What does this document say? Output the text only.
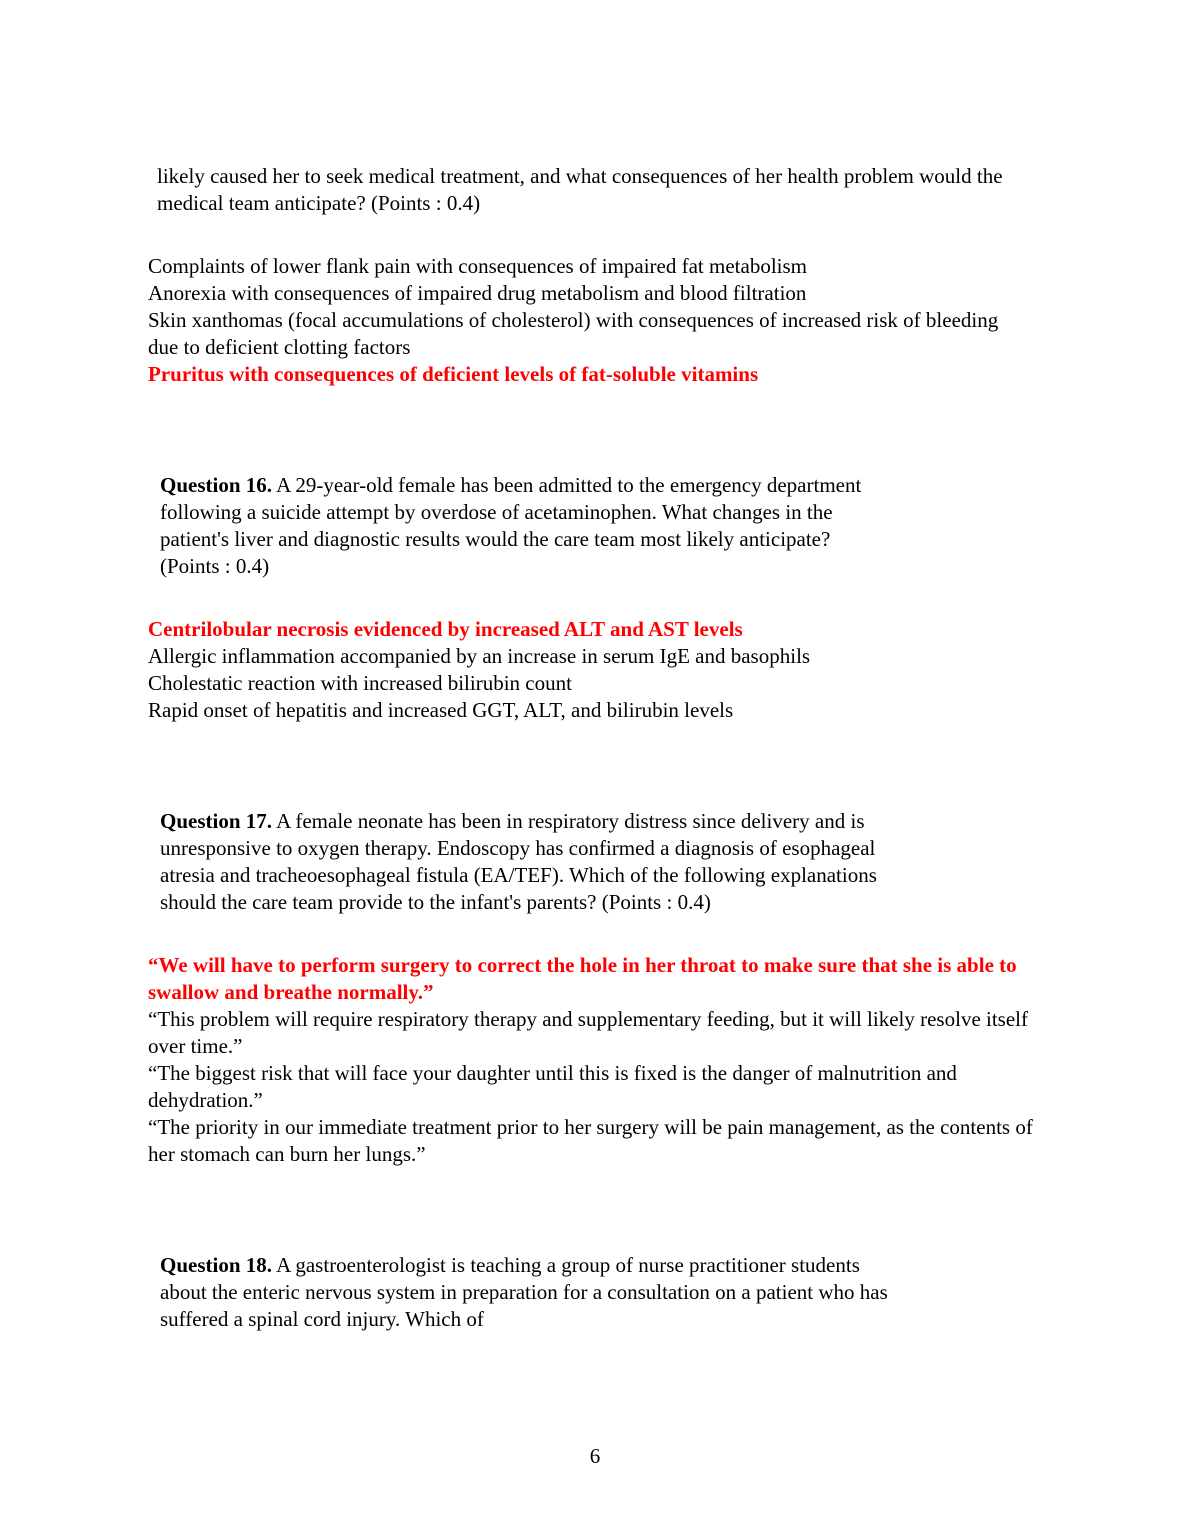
likely caused her to seek medical treatment, and what consequences of her health problem would the medical team anticipate? (Points : 0.4)

Complaints of lower flank pain with consequences of impaired fat metabolism
Anorexia with consequences of impaired drug metabolism and blood filtration
Skin xanthomas (focal accumulations of cholesterol) with consequences of increased risk of bleeding due to deficient clotting factors
Pruritus with consequences of deficient levels of fat-soluble vitamins

Question 16. A 29-year-old female has been admitted to the emergency department following a suicide attempt by overdose of acetaminophen. What changes in the patient's liver and diagnostic results would the care team most likely anticipate? (Points : 0.4)

Centrilobular necrosis evidenced by increased ALT and AST levels
Allergic inflammation accompanied by an increase in serum IgE and basophils
Cholestatic reaction with increased bilirubin count
Rapid onset of hepatitis and increased GGT, ALT, and bilirubin levels

Question 17. A female neonate has been in respiratory distress since delivery and is unresponsive to oxygen therapy. Endoscopy has confirmed a diagnosis of esophageal atresia and tracheoesophageal fistula (EA/TEF). Which of the following explanations should the care team provide to the infant's parents? (Points : 0.4)

“We will have to perform surgery to correct the hole in her throat to make sure that she is able to swallow and breathe normally.”
“This problem will require respiratory therapy and supplementary feeding, but it will likely resolve itself over time.”
“The biggest risk that will face your daughter until this is fixed is the danger of malnutrition and dehydration.”
“The priority in our immediate treatment prior to her surgery will be pain management, as the contents of her stomach can burn her lungs.”

Question 18. A gastroenterologist is teaching a group of nurse practitioner students about the enteric nervous system in preparation for a consultation on a patient who has suffered a spinal cord injury. Which of

6
